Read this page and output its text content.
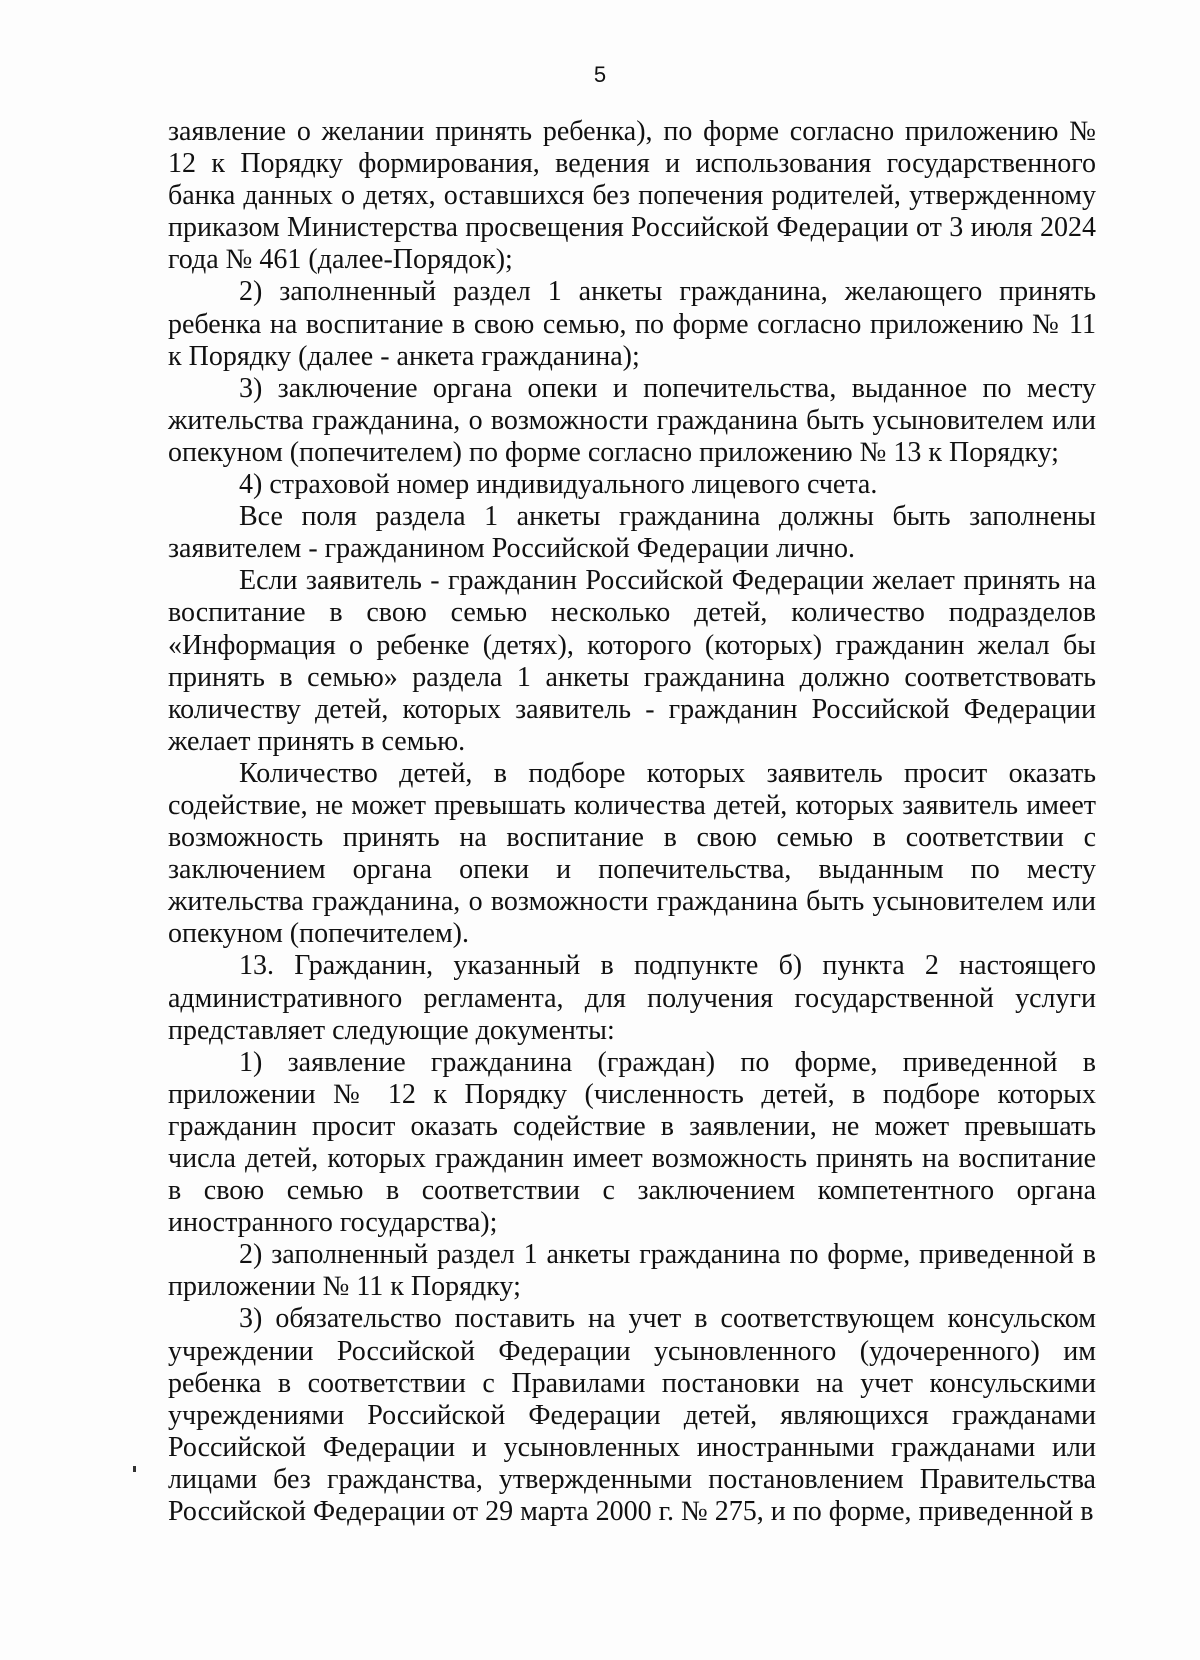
5

заявление о желании принять ребенка), по форме согласно приложению № 12 к Порядку формирования, ведения и использования государственного банка данных о детях, оставшихся без попечения родителей, утвержденному приказом Министерства просвещения Российской Федерации от 3 июля 2024 года № 461 (далее-Порядок);

2) заполненный раздел 1 анкеты гражданина, желающего принять ребенка на воспитание в свою семью, по форме согласно приложению № 11 к Порядку (далее - анкета гражданина);

3) заключение органа опеки и попечительства, выданное по месту жительства гражданина, о возможности гражданина быть усыновителем или опекуном (попечителем) по форме согласно приложению № 13 к Порядку;

4) страховой номер индивидуального лицевого счета.

Все поля раздела 1 анкеты гражданина должны быть заполнены заявителем - гражданином Российской Федерации лично.

Если заявитель - гражданин Российской Федерации желает принять на воспитание в свою семью несколько детей, количество подразделов «Информация о ребенке (детях), которого (которых) гражданин желал бы принять в семью» раздела 1 анкеты гражданина должно соответствовать количеству детей, которых заявитель - гражданин Российской Федерации желает принять в семью.

Количество детей, в подборе которых заявитель просит оказать содействие, не может превышать количества детей, которых заявитель имеет возможность принять на воспитание в свою семью в соответствии с заключением органа опеки и попечительства, выданным по месту жительства гражданина, о возможности гражданина быть усыновителем или опекуном (попечителем).

13. Гражданин, указанный в подпункте б) пункта 2 настоящего административного регламента, для получения государственной услуги представляет следующие документы:

1) заявление гражданина (граждан) по форме, приведенной в приложении № 12 к Порядку (численность детей, в подборе которых гражданин просит оказать содействие в заявлении, не может превышать числа детей, которых гражданин имеет возможность принять на воспитание в свою семью в соответствии с заключением компетентного органа иностранного государства);

2) заполненный раздел 1 анкеты гражданина по форме, приведенной в приложении № 11 к Порядку;

3) обязательство поставить на учет в соответствующем консульском учреждении Российской Федерации усыновленного (удочеренного) им ребенка в соответствии с Правилами постановки на учет консульскими учреждениями Российской Федерации детей, являющихся гражданами Российской Федерации и усыновленных иностранными гражданами или лицами без гражданства, утвержденными постановлением Правительства Российской Федерации от 29 марта 2000 г. № 275, и по форме, приведенной в
